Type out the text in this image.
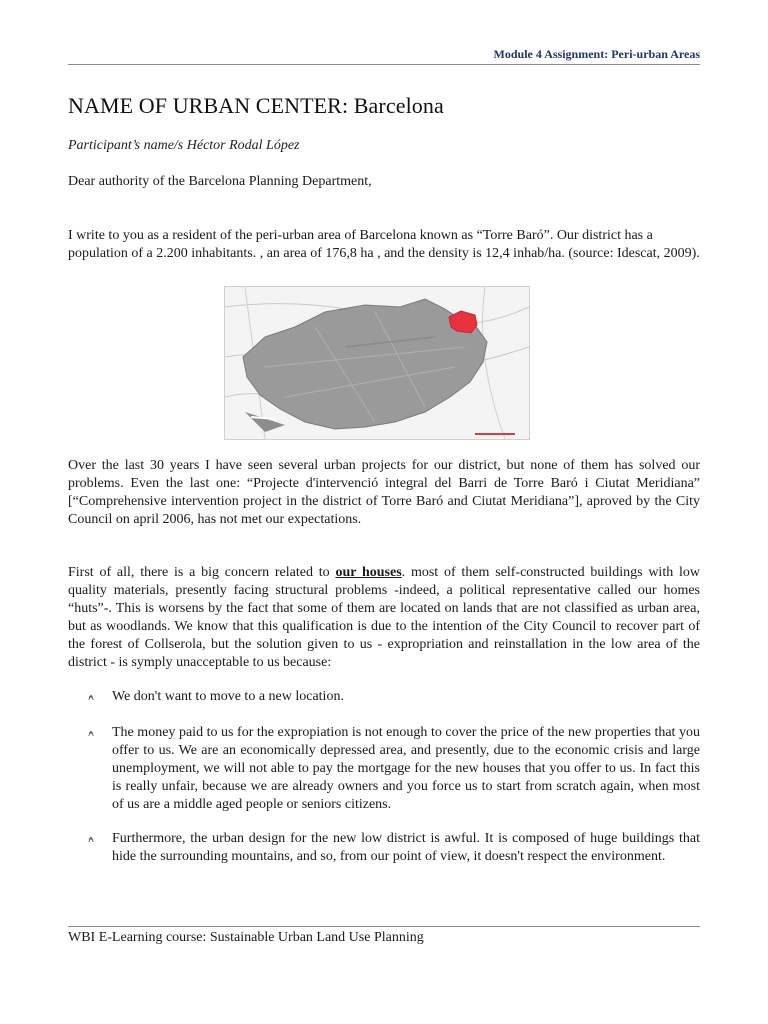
Module 4 Assignment: Peri-urban Areas
NAME OF URBAN CENTER: Barcelona
Participant’s name/s Héctor Rodal López
Dear authority of the Barcelona Planning Department,

I write to you as a resident of the peri-urban area of Barcelona known as “Torre Baró”. Our district has a population of a 2.200 inhabitants. , an area of 176,8 ha , and the density is 12,4 inhab/ha. (source: Idescat, 2009).

Over the last 30 years I have seen several urban projects for our district, but none of them has solved our problems. Even the last one: “Projecte d'intervenció integral del Barri de Torre Baró i Ciutat Meridiana” [“Comprehensive intervention project in the district of Torre Baró and Ciutat Meridiana”], aproved by the City Council on april 2006, has not met our expectations.

First of all, there is a big concern related to our houses. most of them self-constructed buildings with low quality materials, presently facing structural problems -indeed, a political representative called our homes “huts”-. This is worsens by the fact that some of them are located on lands that are not classified as urban area, but as woodlands. We know that this qualification is due to the intention of the City Council to recover part of the forest of Collserola, but the solution given to us - expropriation and reinstallation in the low area of the district - is symply unacceptable to us because:

⍲ We don't want to move to a new location.
⍲ The money paid to us for the expropiation is not enough to cover the price of the new properties that you offer to us. We are an economically depressed area, and presently, due to the economic crisis and large unemployment, we will not able to pay the mortgage for the new houses that you offer to us. In fact this is really unfair, because we are already owners and you force us to start from scratch again, when most of us are a middle aged people or seniors citizens.
⍲ Furthermore, the urban design for the new low district is awful. It is composed of huge buildings that hide the surrounding mountains, and so, from our point of view, it doesn't respect the environment.
WBI E-Learning course: Sustainable Urban Land Use Planning
